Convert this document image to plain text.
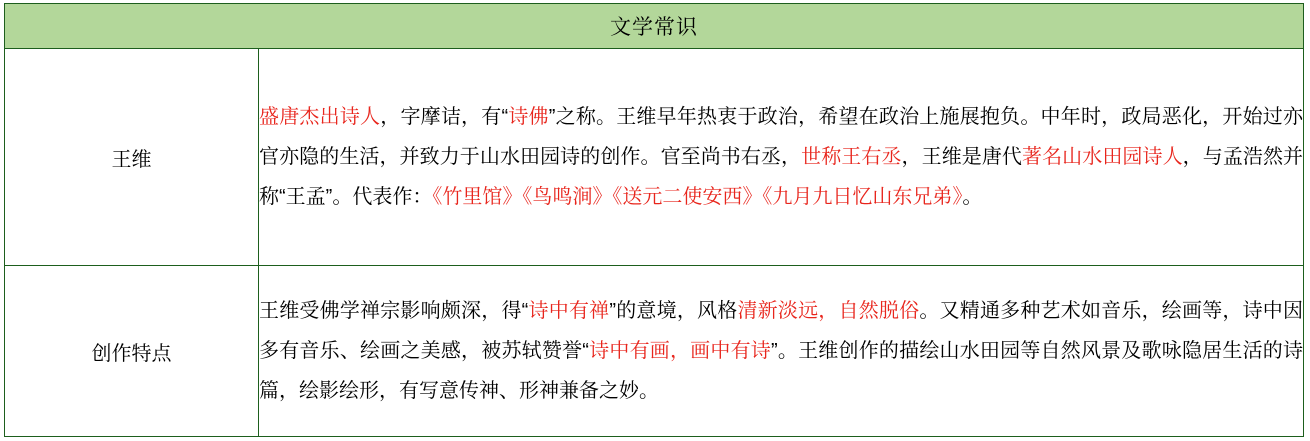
文学常识	
王维	盛唐杰出诗人，字摩诘，有“诗佛”之称。王维早年热衷于政治，希望在政治上施展抱负。中年时，政局恶化，开始过亦官亦隐的生活，并致力于山水田园诗的创作。官至尚书右丞，世称王右丞，王维是唐代著名山水田园诗人，与孟浩然并称“王孟”。代表作：《竹里馆》《鸟鸣涧》《送元二使安西》《九月九日忆山东兄弟》。

创作特点	王维受佛学禅宗影响颇深，得“诗中有禅”的意境，风格清新淡远，自然脱俗。又精通多种艺术如音乐，绘画等，诗中因多有音乐、绘画之美感，被苏轼赞誉“诗中有画，画中有诗”。王维创作的描绘山水田园等自然风景及歌咏隐居生活的诗篇，绘影绘形，有写意传神、形神兼备之妙。
